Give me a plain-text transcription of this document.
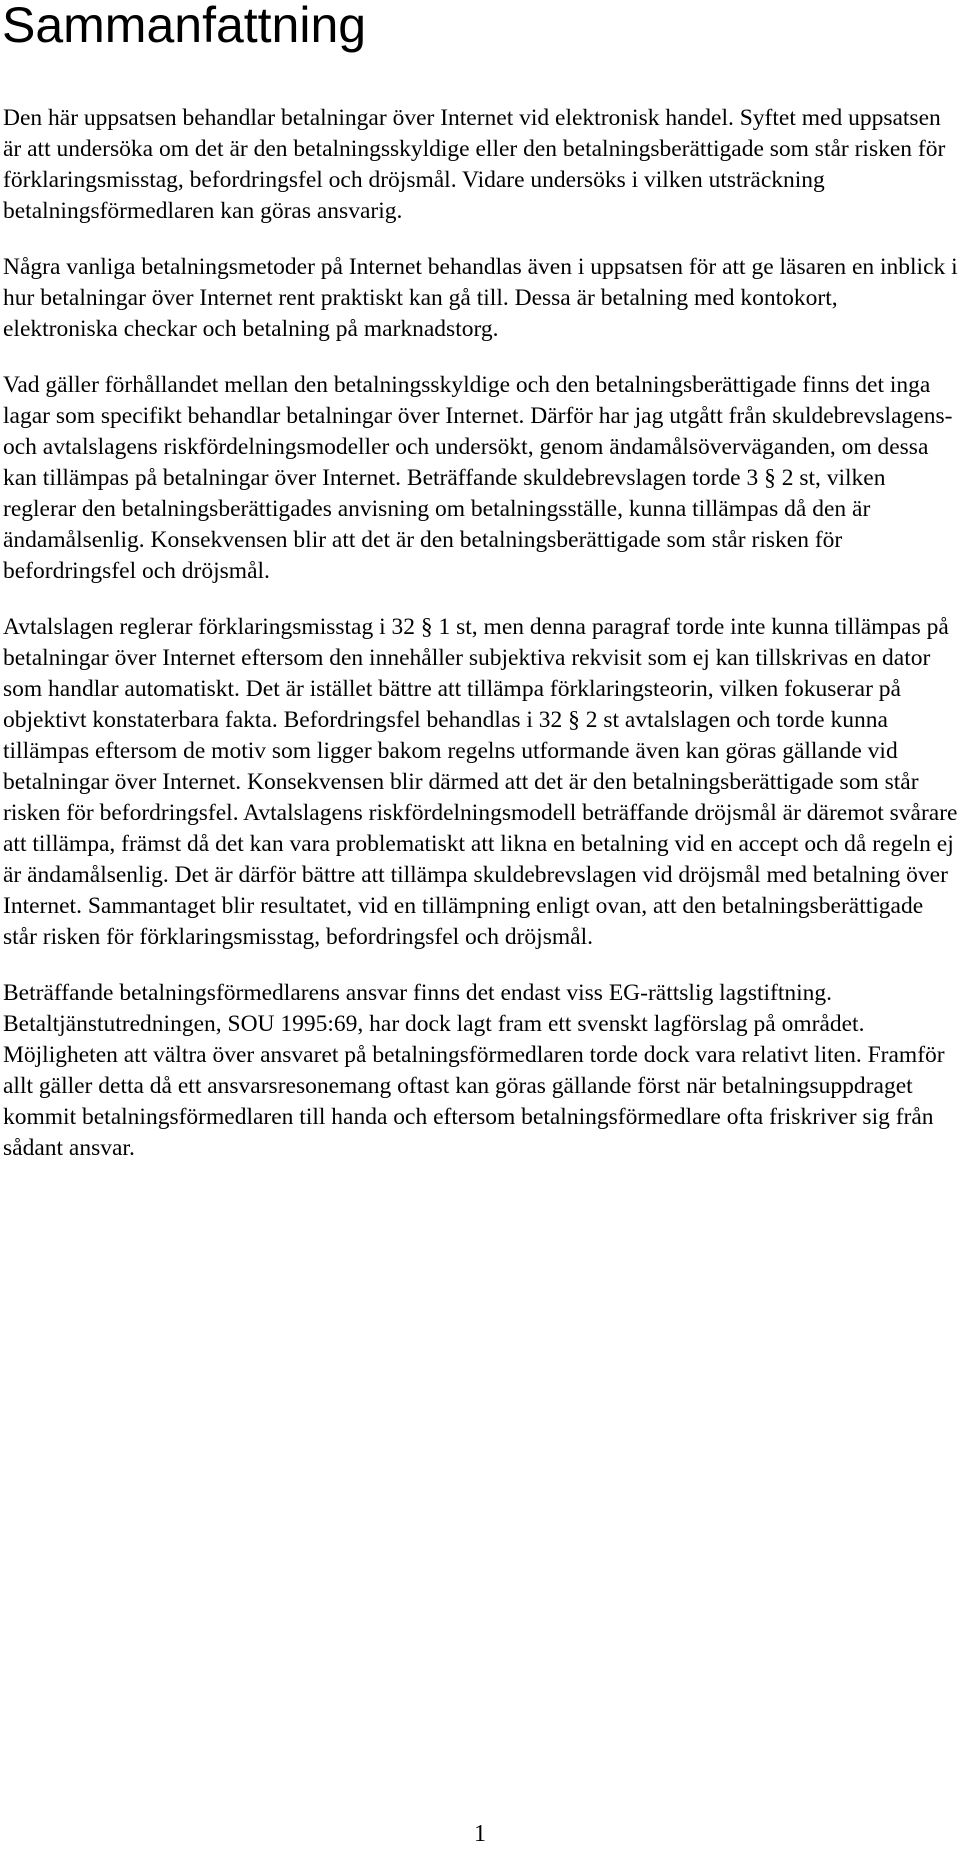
Sammanfattning

Den här uppsatsen behandlar betalningar över Internet vid elektronisk handel. Syftet med uppsatsen är att undersöka om det är den betalningsskyldige eller den betalningsberättigade som står risken för förklaringsmisstag, befordringsfel och dröjsmål. Vidare undersöks i vilken utsträckning betalningsförmedlaren kan göras ansvarig.

Några vanliga betalningsmetoder på Internet behandlas även i uppsatsen för att ge läsaren en inblick i hur betalningar över Internet rent praktiskt kan gå till. Dessa är betalning med kontokort, elektroniska checkar och betalning på marknadstorg.

Vad gäller förhållandet mellan den betalningsskyldige och den betalningsberättigade finns det inga lagar som specifikt behandlar betalningar över Internet. Därför har jag utgått från skuldebrevslagens- och avtalslagens riskfördelningsmodeller och undersökt, genom ändamålsöverväganden, om dessa kan tillämpas på betalningar över Internet. Beträffande skuldebrevslagen torde 3 § 2 st, vilken reglerar den betalningsberättigades anvisning om betalningsställe, kunna tillämpas då den är ändamålsenlig. Konsekvensen blir att det är den betalningsberättigade som står risken för befordringsfel och dröjsmål.

Avtalslagen reglerar förklaringsmisstag i 32 § 1 st, men denna paragraf torde inte kunna tillämpas på betalningar över Internet eftersom den innehåller subjektiva rekvisit som ej kan tillskrivas en dator som handlar automatiskt. Det är istället bättre att tillämpa förklaringsteorin, vilken fokuserar på objektivt konstaterbara fakta. Befordringsfel behandlas i 32 § 2 st avtalslagen och torde kunna tillämpas eftersom de motiv som ligger bakom regelns utformande även kan göras gällande vid betalningar över Internet. Konsekvensen blir därmed att det är den betalningsberättigade som står risken för befordringsfel. Avtalslagens riskfördelningsmodell beträffande dröjsmål är däremot svårare att tillämpa, främst då det kan vara problematiskt att likna en betalning vid en accept och då regeln ej är ändamålsenlig. Det är därför bättre att tillämpa skuldebrevslagen vid dröjsmål med betalning över Internet. Sammantaget blir resultatet, vid en tillämpning enligt ovan, att den betalningsberättigade står risken för förklaringsmisstag, befordringsfel och dröjsmål.

Beträffande betalningsförmedlarens ansvar finns det endast viss EG-rättslig lagstiftning. Betaltjänstutredningen, SOU 1995:69, har dock lagt fram ett svenskt lagförslag på området. Möjligheten att vältra över ansvaret på betalningsförmedlaren torde dock vara relativt liten. Framför allt gäller detta då ett ansvarsresonemang oftast kan göras gällande först när betalningsuppdraget kommit betalningsförmedlaren till handa och eftersom betalningsförmedlare ofta friskriver sig från sådant ansvar.

1
